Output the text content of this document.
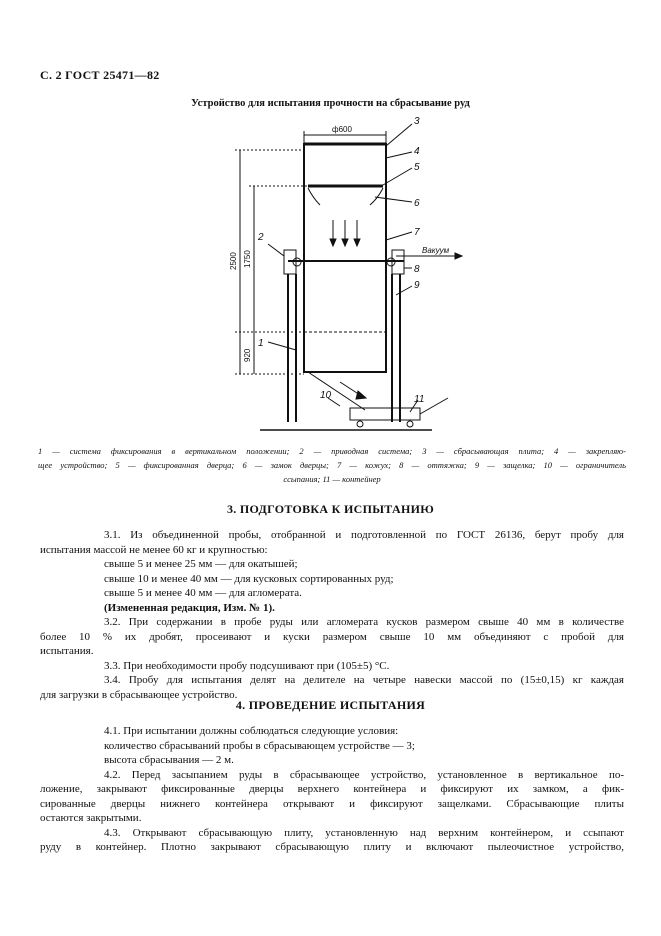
С. 2 ГОСТ 25471—82
Устройство для испытания прочности на сбрасывание руд
ф600
2500 1750
920
Вакуум
1
2
3
4
5
6
7
8
9
10	11
1 — система фиксирования в вертикальном положении; 2 — приводная система; 3 — сбрасывающая плита; 4 — закрепляю-
щее устройство; 5 — фиксированная дверца; 6 — замок дверцы; 7 — кожух; 8 — оттяжка; 9 — защелка; 10 — ограничитель
ссыпания; 11 — контейнер
3. ПОДГОТОВКА К ИСПЫТАНИЮ
3.1. Из объединенной пробы, отобранной и подготовленной по ГОСТ 26136, берут пробу для
испытания массой не менее 60 кг и крупностью:
свыше 5 и менее 25 мм — для окатышей;
свыше 10 и менее 40 мм — для кусковых сортированных руд;
свыше 5 и менее 40 мм — для агломерата.
(Измененная редакция, Изм. № 1).
3.2. При содержании в пробе руды или агломерата кусков размером свыше 40 мм в количестве
более 10 % их дробят, просеивают и куски размером свыше 10 мм объединяют с пробой для
испытания.
3.3. При необходимости пробу подсушивают при (105±5) °С.
3.4. Пробу для испытания делят на делителе на четыре навески массой по (15±0,15) кг каждая
для загрузки в сбрасывающее устройство.
4. ПРОВЕДЕНИЕ ИСПЫТАНИЯ
4.1. При испытании должны соблюдаться следующие условия:
количество сбрасываний пробы в сбрасывающем устройстве — 3;
высота сбрасывания — 2 м.
4.2. Перед засыпанием руды в сбрасывающее устройство, установленное в вертикальное по-
ложение, закрывают фиксированные дверцы верхнего контейнера и фиксируют их замком, а фик-
сированные дверцы нижнего контейнера открывают и фиксируют защелками. Сбрасывающие плиты
остаются закрытыми.
4.3. Открывают сбрасывающую плиту, установленную над верхним контейнером, и ссыпают
руду в контейнер. Плотно закрывают сбрасывающую плиту и включают пылеочистное устройство,
